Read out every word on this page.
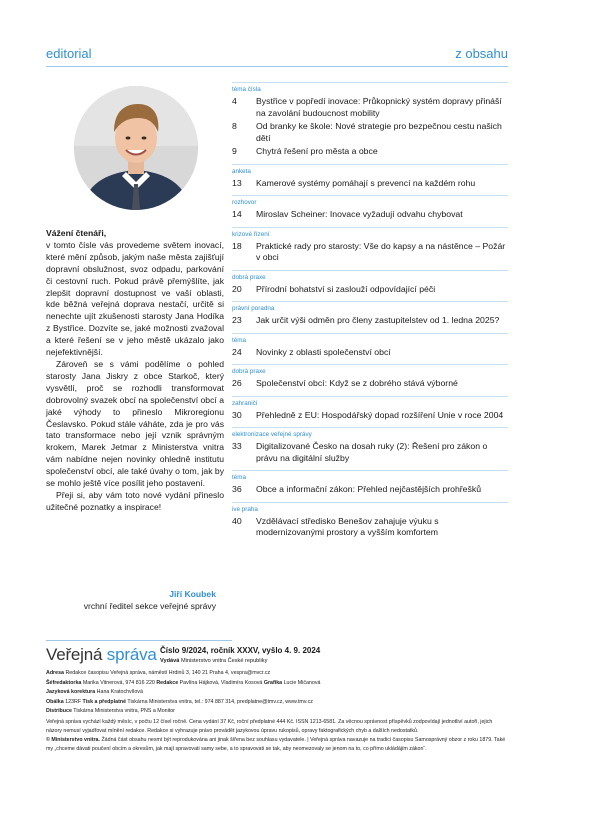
editorial	z obsahu
Vážení čtenáři,

v tomto čísle vás provedeme světem inovací, které mění způsob, jakým naše města zajišťují dopravní obslužnost, svoz odpadu, parkování či cestovní ruch. Pokud právě přemýšlíte, jak zlepšit dopravní dostupnost ve vaší oblasti, kde běžná veřejná doprava nestačí, určitě si nenechte ujít zkušenosti starosty Jana Hodíka z Bystřice. Dozvíte se, jaké možnosti zvažoval a které řešení se v jeho městě ukázalo jako nejefektivnější.

Zároveň se s vámi podělíme o pohled starosty Jana Jiskry z obce Starkoč, který vysvětlí, proč se rozhodli transformovat dobrovolný svazek obcí na společenství obcí a jaké výhody to přineslo Mikroregionu Česlavsko. Pokud stále váháte, zda je pro vás tato transformace nebo její vznik správným krokem, Marek Jetmar z Ministerstva vnitra vám nabídne nejen novinky ohledně institutu společenství obcí, ale také úvahy o tom, jak by se mohlo ještě více posílit jeho postavení.

Přeji si, aby vám toto nové vydání přineslo užitečné poznatky a inspirace!

Jiří Koubek
vrchní ředitel sekce veřejné správy
téma čísla
4	Bystřice v popředí inovace: Průkopnický systém dopravy přináší na zavolání budoucnost mobility
8	Od branky ke škole: Nové strategie pro bezpečnou cestu našich dětí
9	Chytrá řešení pro města a obce
anketa
13	Kamerové systémy pomáhají s prevencí na každém rohu
rozhovor
14	Miroslav Scheiner: Inovace vyžadují odvahu chybovat
krizové řízení
18	Praktické rady pro starosty: Vše do kapsy a na nástěnce – Požár v obci
dobrá praxe
20	Přírodní bohatství si zaslouží odpovídající péči
právní poradna
23	Jak určit výši odměn pro členy zastupitelstev od 1. ledna 2025?
téma
24	Novinky z oblasti společenství obcí
dobrá praxe
26	Společenství obcí: Když se z dobrého stává výborné
zahraničí
30	Přehledně z EU: Hospodářský dopad rozšíření Unie v roce 2004
elektronizace veřejné správy
33	Digitalizované Česko na dosah ruky (2): Řešení pro zákon o právu na digitální služby
téma
36	Obce a informační zákon: Přehled nejčastějších prohřešků
ive praha
40	Vzdělávací středisko Benešov zahajuje výuku s modernizovanými prostory a vyšším komfortem
Veřejná správa Číslo 9/2024, ročník XXXV, vyšlo 4. 9. 2024
Vydává Ministerstvo vnitra České republiky
Adresa Redakce časopisu Veřejná správa, náměstí Hrdinů 3, 140 21 Praha 4, vespra@mvcr.cz
Šéfredaktorka Marika Vitnerová, 974 816 220 Redakce Pavlína Hájková, Vladimíra Kosová Grafika Lucie Mičanová
Jazyková korektura Hana Kratochvílová
Obálka 123RF Tisk a předplatné Tiskárna Ministerstva vnitra, tel.: 974 887 314, predplatne@tmv.cz, www.tmv.cz
Distribuce Tiskárna Ministerstva vnitra, PNS a Monitor
Veřejná správa vychází každý měsíc, v počtu 12 čísel ročně. Cena vydání 37 Kč, roční předplatné 444 Kč. ISSN 1213-6581. Za věcnou správnost příspěvků zodpovídají jednotliví autoři, jejich názory nemusí vyjadřovat mínění redakce. Redakce si vyhrazuje právo provádět jazykovou úpravu rukopisů, opravy faktografických chyb a dalších nedostatků.
© Ministerstvo vnitra. Žádná část obsahu nesmí být reprodukována ani jinak šířena bez souhlasu vydavatele. | Veřejná správa navazuje na tradici časopisu Samosprávný obzor z roku 1879. Také my „chceme dávati poučení obcím a okresům, jak mají spravovati samy sebe, a to spravovati se tak, aby neomezovaly se jenom na to, co přímo ukládájím zákon“.
